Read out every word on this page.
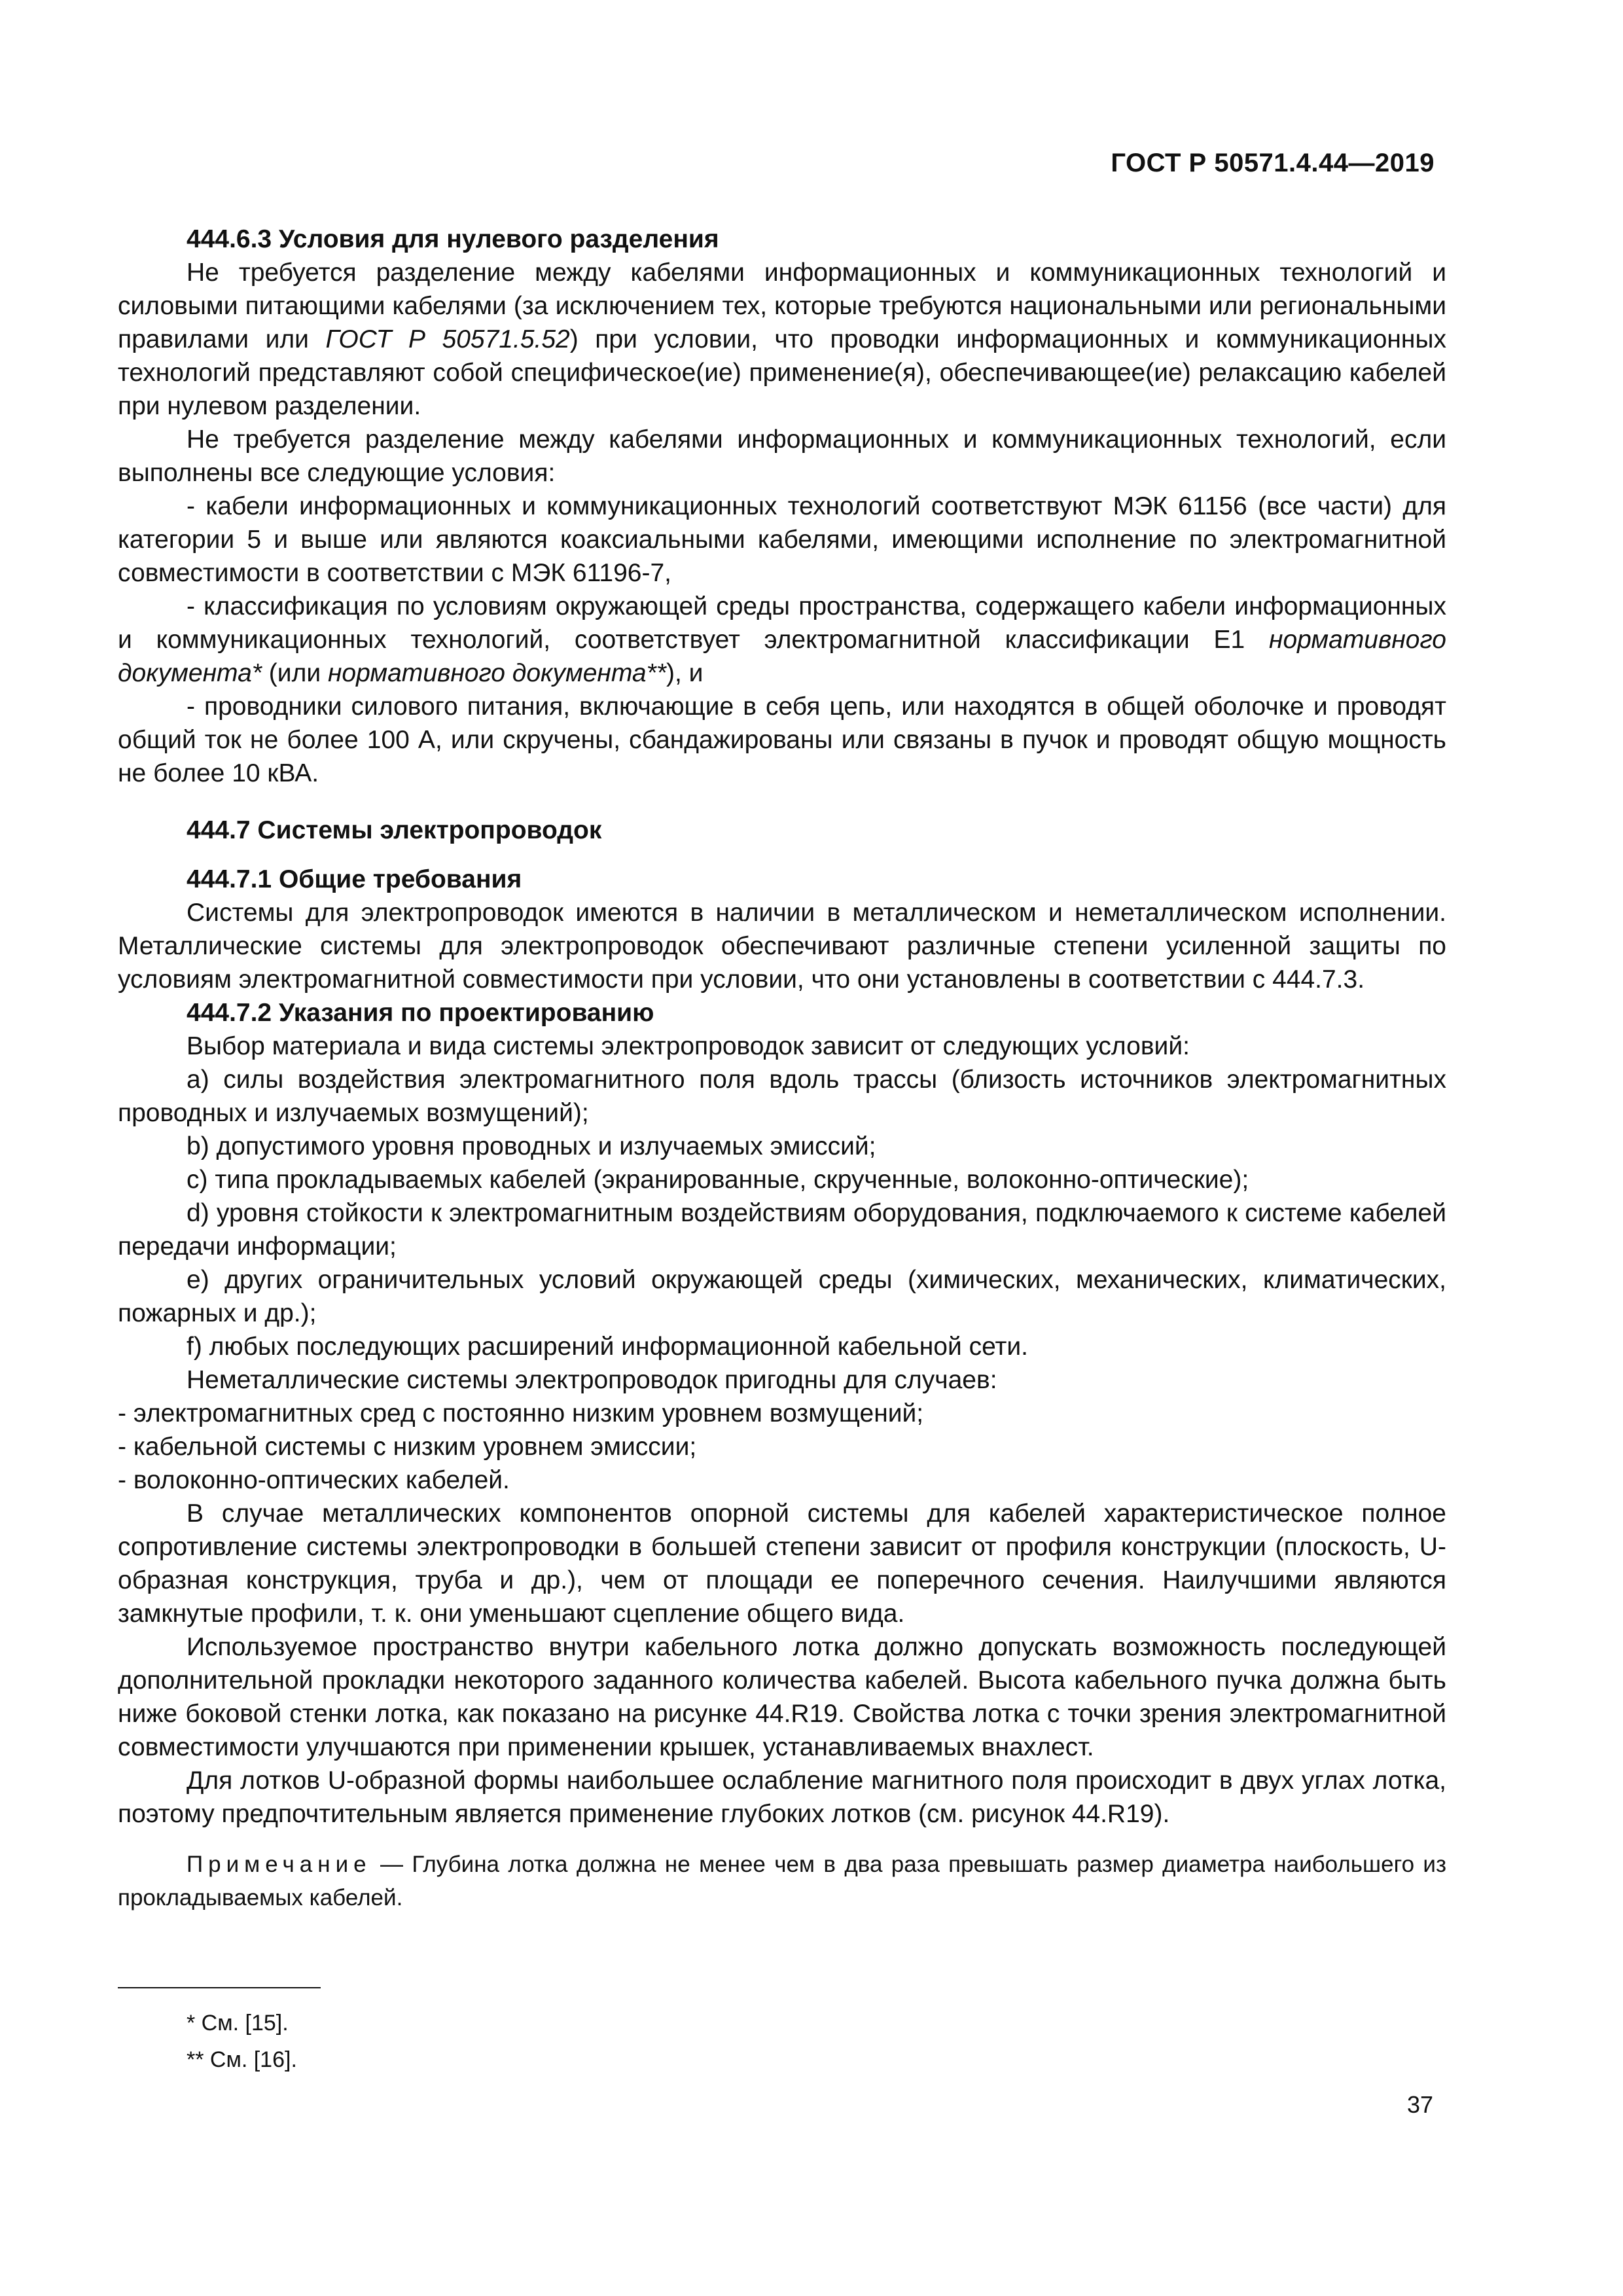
ГОСТ Р 50571.4.44—2019

444.6.3 Условия для нулевого разделения

Не требуется разделение между кабелями информационных и коммуникационных технологий и силовыми питающими кабелями (за исключением тех, которые требуются национальными или региональными правилами или ГОСТ Р 50571.5.52) при условии, что проводки информационных и коммуникационных технологий представляют собой специфическое(ие) применение(я), обеспечивающее(ие) релаксацию кабелей при нулевом разделении.

Не требуется разделение между кабелями информационных и коммуникационных технологий, если выполнены все следующие условия:

- кабели информационных и коммуникационных технологий соответствуют МЭК 61156 (все части) для категории 5 и выше или являются коаксиальными кабелями, имеющими исполнение по электромагнитной совместимости в соответствии с МЭК 61196-7,

- классификация по условиям окружающей среды пространства, содержащего кабели информационных и коммуникационных технологий, соответствует электромагнитной классификации Е1 нормативного документа* (или нормативного документа**), и

- проводники силового питания, включающие в себя цепь, или находятся в общей оболочке и проводят общий ток не более 100 А, или скручены, сбандажированы или связаны в пучок и проводят общую мощность не более 10 кВА.

444.7 Системы электропроводок

444.7.1 Общие требования

Системы для электропроводок имеются в наличии в металлическом и неметаллическом исполнении. Металлические системы для электропроводок обеспечивают различные степени усиленной защиты по условиям электромагнитной совместимости при условии, что они установлены в соответствии с 444.7.3.

444.7.2 Указания по проектированию

Выбор материала и вида системы электропроводок зависит от следующих условий:

a) силы воздействия электромагнитного поля вдоль трассы (близость источников электромагнитных проводных и излучаемых возмущений);

b) допустимого уровня проводных и излучаемых эмиссий;

c) типа прокладываемых кабелей (экранированные, скрученные, волоконно-оптические);

d) уровня стойкости к электромагнитным воздействиям оборудования, подключаемого к системе кабелей передачи информации;

e) других ограничительных условий окружающей среды (химических, механических, климатических, пожарных и др.);

f) любых последующих расширений информационной кабельной сети.

Неметаллические системы электропроводок пригодны для случаев:

- электромагнитных сред с постоянно низким уровнем возмущений;

- кабельной системы с низким уровнем эмиссии;

- волоконно-оптических кабелей.

В случае металлических компонентов опорной системы для кабелей характеристическое полное сопротивление системы электропроводки в большей степени зависит от профиля конструкции (плоскость, U-образная конструкция, труба и др.), чем от площади ее поперечного сечения. Наилучшими являются замкнутые профили, т. к. они уменьшают сцепление общего вида.

Используемое пространство внутри кабельного лотка должно допускать возможность последующей дополнительной прокладки некоторого заданного количества кабелей. Высота кабельного пучка должна быть ниже боковой стенки лотка, как показано на рисунке 44.R19. Свойства лотка с точки зрения электромагнитной совместимости улучшаются при применении крышек, устанавливаемых внахлест.

Для лотков U-образной формы наибольшее ослабление магнитного поля происходит в двух углах лотка, поэтому предпочтительным является применение глубоких лотков (см. рисунок 44.R19).

Примечание — Глубина лотка должна не менее чем в два раза превышать размер диаметра наибольшего из прокладываемых кабелей.

* См. [15].

** См. [16].

37
